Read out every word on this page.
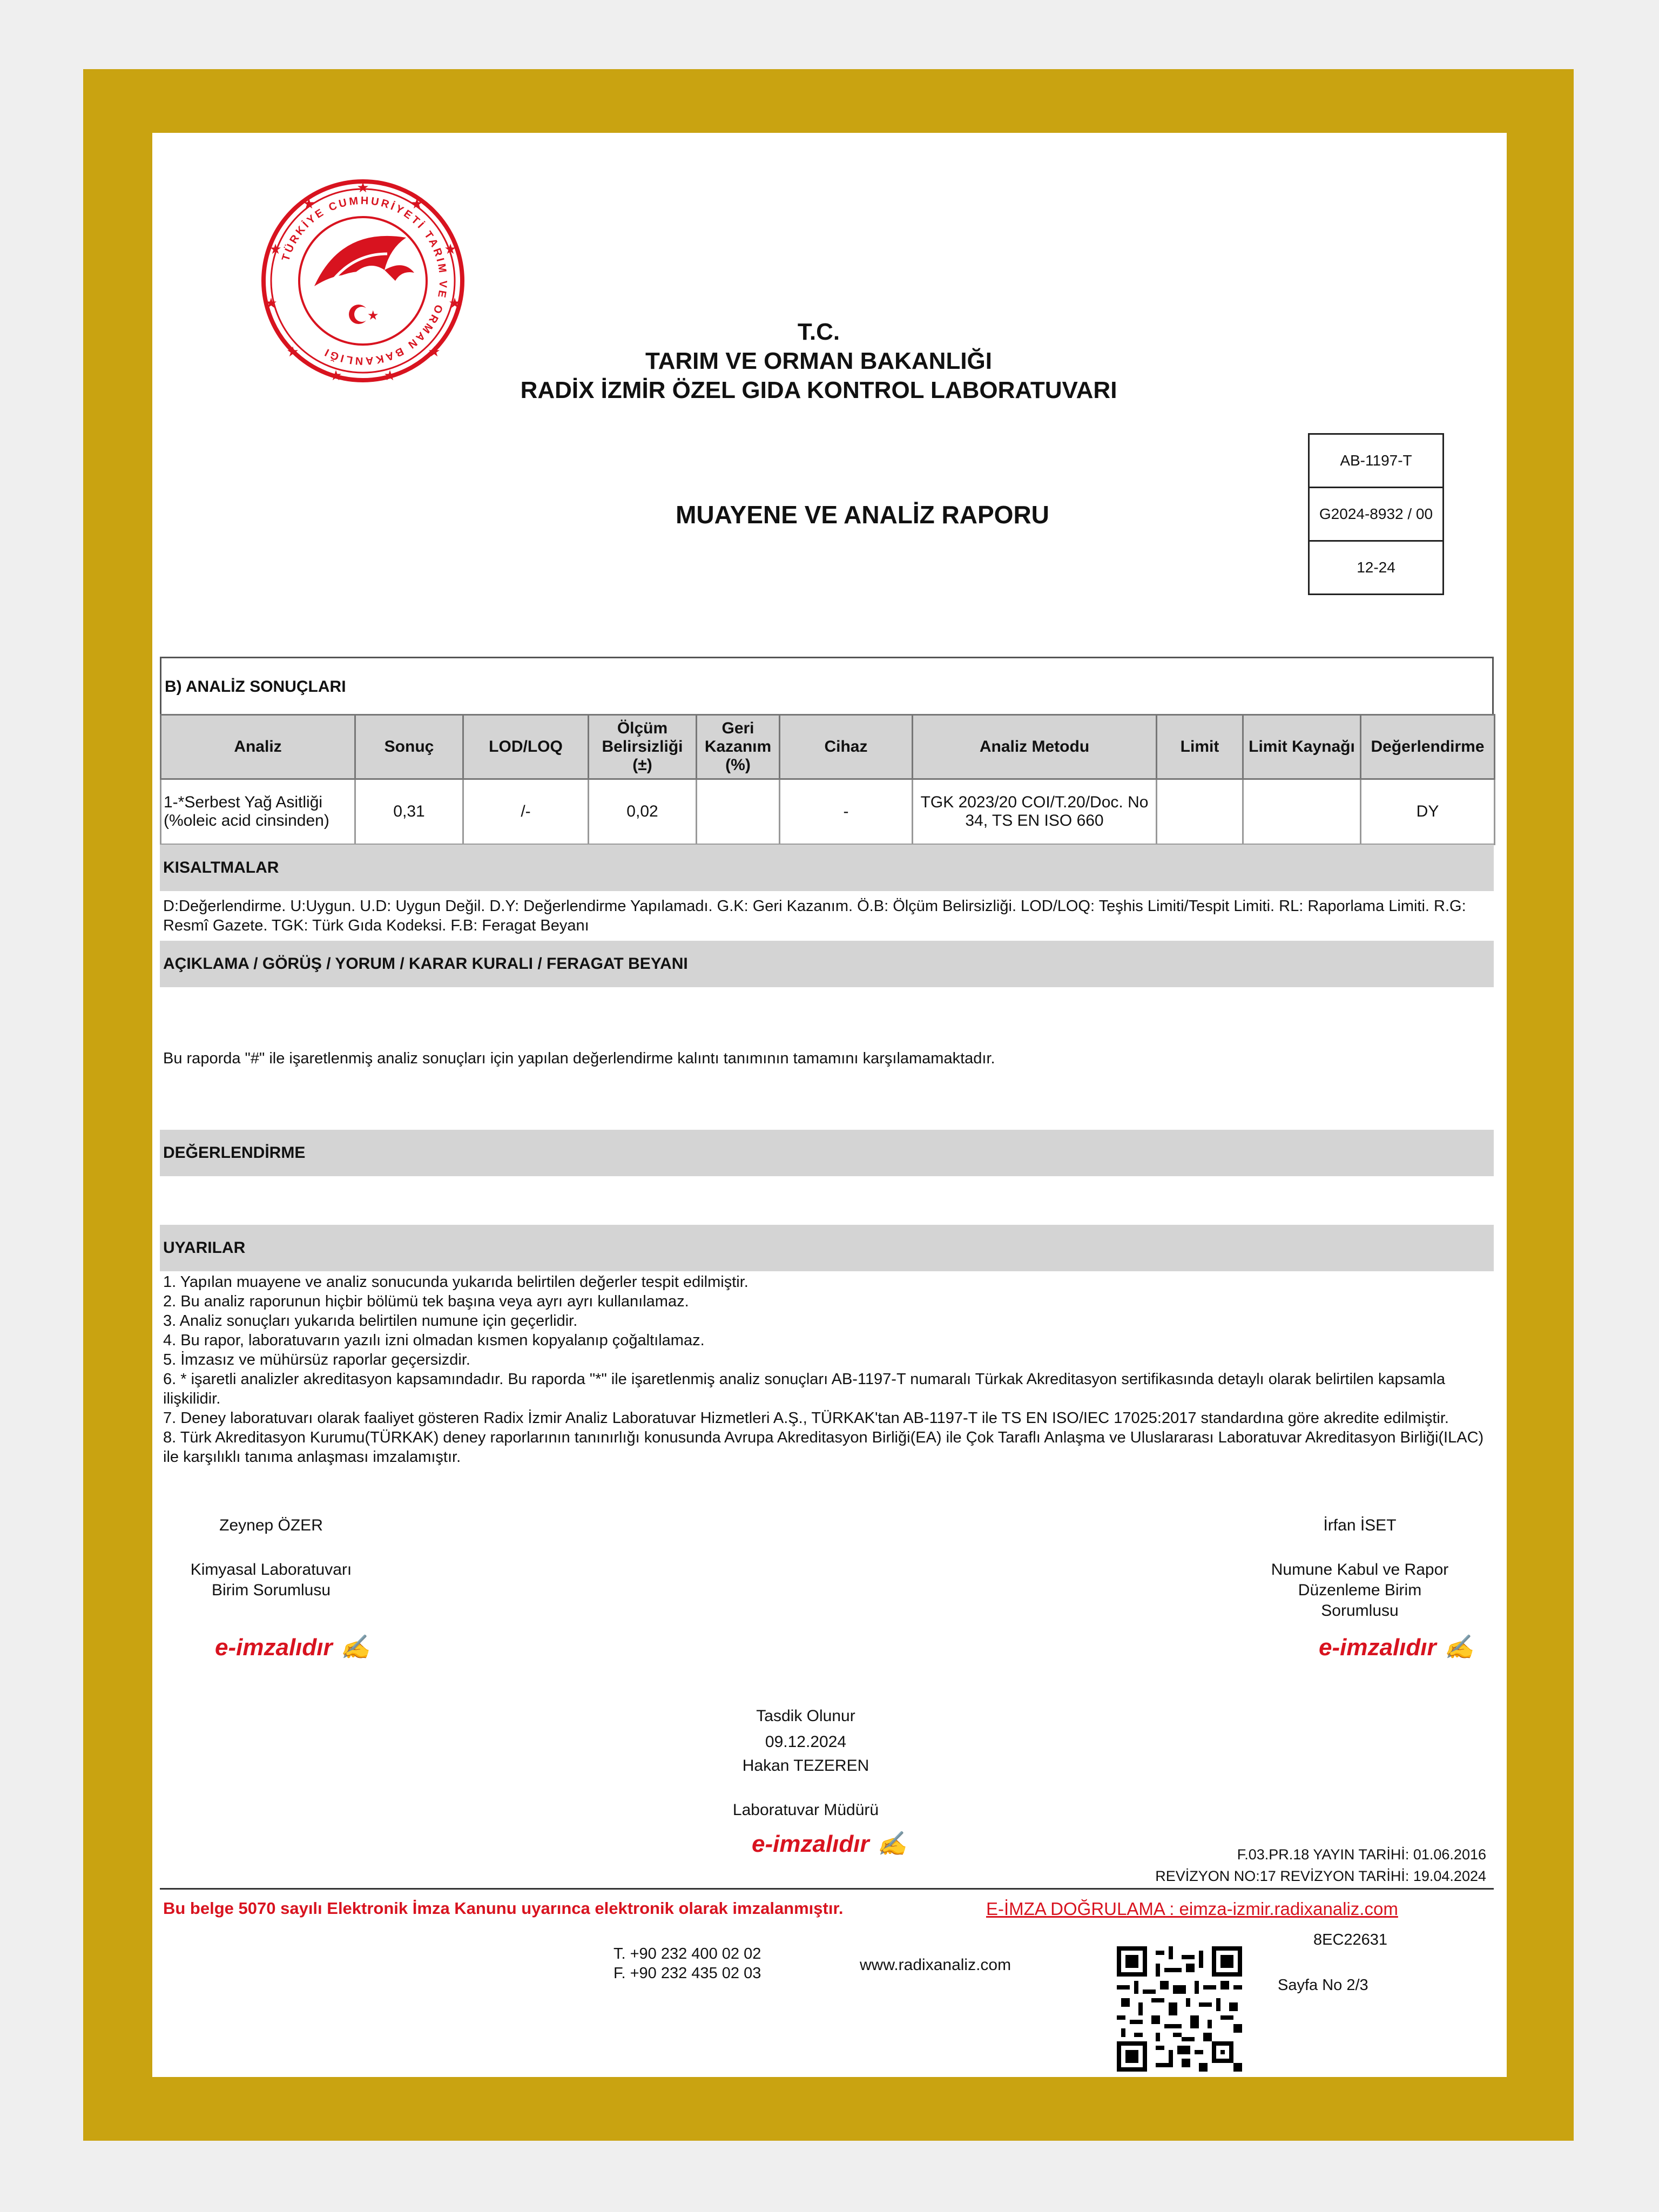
TÜRKİYE CUMHURİYETİ TARIM VE ORMAN BAKANLIĞI
★
★
★
★
★
★
★
★
★
★
★
★
T.C.
TARIM VE ORMAN BAKANLIĞI
RADİX İZMİR ÖZEL GIDA KONTROL LABORATUVARI
MUAYENE VE ANALİZ RAPORU
AB-1197-T
G2024-8932 / 00
12-24
B) ANALİZ SONUÇLARI
Analiz	Sonuç	LOD/LOQ	Ölçüm Belirsizliği (±)	Geri Kazanım (%)	Cihaz	Analiz Metodu	Limit	Limit Kaynağı	Değerlendirme
1-*Serbest Yağ Asitliği (%oleic acid cinsinden)	0,31	/-	0,02		-	TGK 2023/20 COI/T.20/Doc. No 34, TS EN ISO 660			DY
KISALTMALAR
D:Değerlendirme. U:Uygun. U.D: Uygun Değil. D.Y: Değerlendirme Yapılamadı. G.K: Geri Kazanım. Ö.B: Ölçüm Belirsizliği. LOD/LOQ: Teşhis Limiti/Tespit Limiti. RL: Raporlama Limiti. R.G: Resmî Gazete. TGK: Türk Gıda Kodeksi. F.B: Feragat Beyanı
AÇIKLAMA / GÖRÜŞ / YORUM / KARAR KURALI / FERAGAT BEYANI
Bu raporda "#" ile işaretlenmiş analiz sonuçları için yapılan değerlendirme kalıntı tanımının tamamını karşılamamaktadır.
DEĞERLENDİRME
UYARILAR
1. Yapılan muayene ve analiz sonucunda yukarıda belirtilen değerler tespit edilmiştir.
2. Bu analiz raporunun hiçbir bölümü tek başına veya ayrı ayrı kullanılamaz.
3. Analiz sonuçları yukarıda belirtilen numune için geçerlidir.
4. Bu rapor, laboratuvarın yazılı izni olmadan kısmen kopyalanıp çoğaltılamaz.
5. İmzasız ve mühürsüz raporlar geçersizdir.
6. * işaretli analizler akreditasyon kapsamındadır. Bu raporda "*" ile işaretlenmiş analiz sonuçları AB-1197-T numaralı Türkak Akreditasyon sertifikasında detaylı olarak belirtilen kapsamla ilişkilidir.
7. Deney laboratuvarı olarak faaliyet gösteren Radix İzmir Analiz Laboratuvar Hizmetleri A.Ş., TÜRKAK'tan AB-1197-T ile TS EN ISO/IEC 17025:2017 standardına göre akredite edilmiştir.
8. Türk Akreditasyon Kurumu(TÜRKAK) deney raporlarının tanınırlığı konusunda Avrupa Akreditasyon Birliği(EA) ile Çok Taraflı Anlaşma ve Uluslararası Laboratuvar Akreditasyon Birliği(ILAC) ile karşılıklı tanıma anlaşması imzalamıştır.
Zeynep ÖZER
Kimyasal Laboratuvarı Birim Sorumlusu
e-imzalıdır ✍
İrfan İSET
Numune Kabul ve Rapor Düzenleme Birim Sorumlusu
e-imzalıdır ✍
Tasdik Olunur
09.12.2024
Hakan TEZEREN
Laboratuvar Müdürü
e-imzalıdır ✍	F.03.PR.18 YAYIN TARİHİ: 01.06.2016
REVİZYON NO:17 REVİZYON TARİHİ: 19.04.2024
Bu belge 5070 sayılı Elektronik İmza Kanunu uyarınca elektronik olarak imzalanmıştır.	E-İMZA DOĞRULAMA : eimza-izmir.radixanaliz.com
8EC22631
T. +90 232 400 02 02
F. +90 232 435 02 03	www.radixanaliz.com
Sayfa No 2/3
